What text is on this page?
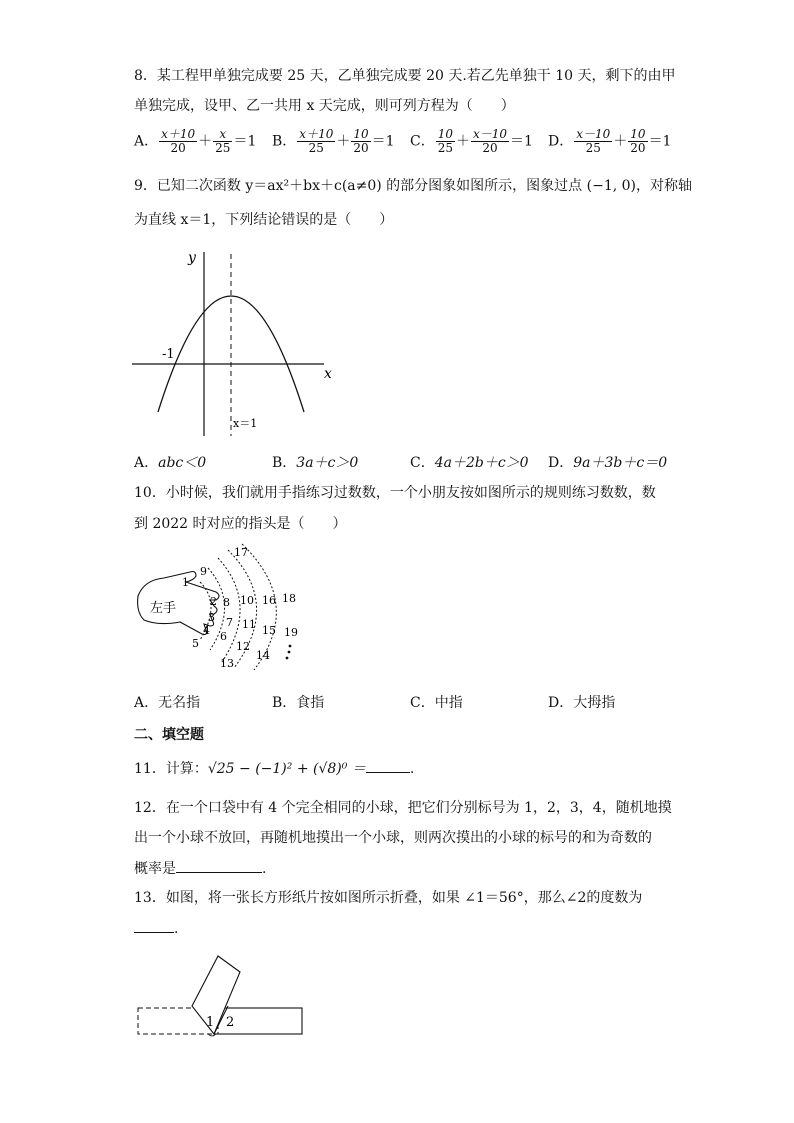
8．某工程甲单独完成要 25 天，乙单独完成要 20 天.若乙先单独干 10 天，剩下的由甲
单独完成，设甲、乙一共用 x 天完成，则可列方程为（　　）
A． $\frac{x+10}{20} + \frac{x}{25} =1$ B． $\frac{x+10}{25} + \frac{10}{20} =1$ C． $\frac{10}{25} + \frac{x-10}{20} =1$ D． $\frac{x-10}{25} + \frac{10}{20} =1$
9．已知二次函数 y＝ax²＋bx＋c(a≠0) 的部分图象如图所示，图象过点 (−1, 0)，对称轴
为直线 x＝1，下列结论错误的是（　　）
y
x
-1
x＝1
A．abc＜0	B．3a＋c＞0	C．4a＋2b＋c＞0 D．9a＋3b＋c＝0
10．小时候，我们就用手指练习过数数，一个小朋友按如图所示的规则练习数数，数
到 2022 时对应的指头是（　　）
左手
1
2
3
4
5
6
7
8
9
10
11
12
13
14
15
16
17
18
19
A．无名指	B．食指	C．中指	D．大拇指
二、填空题
11．计算：√25 − (−1)² + (√8)⁰ ＝	.
12．在一个口袋中有 4 个完全相同的小球，把它们分别标号为 1，2，3，4，随机地摸
出一个小球不放回，再随机地摸出一个小球，则两次摸出的小球的标号的和为奇数的
概率是	.
13．如图，将一张长方形纸片按如图所示折叠，如果 ∠1＝56°，那么∠2的度数为
.
1 2
